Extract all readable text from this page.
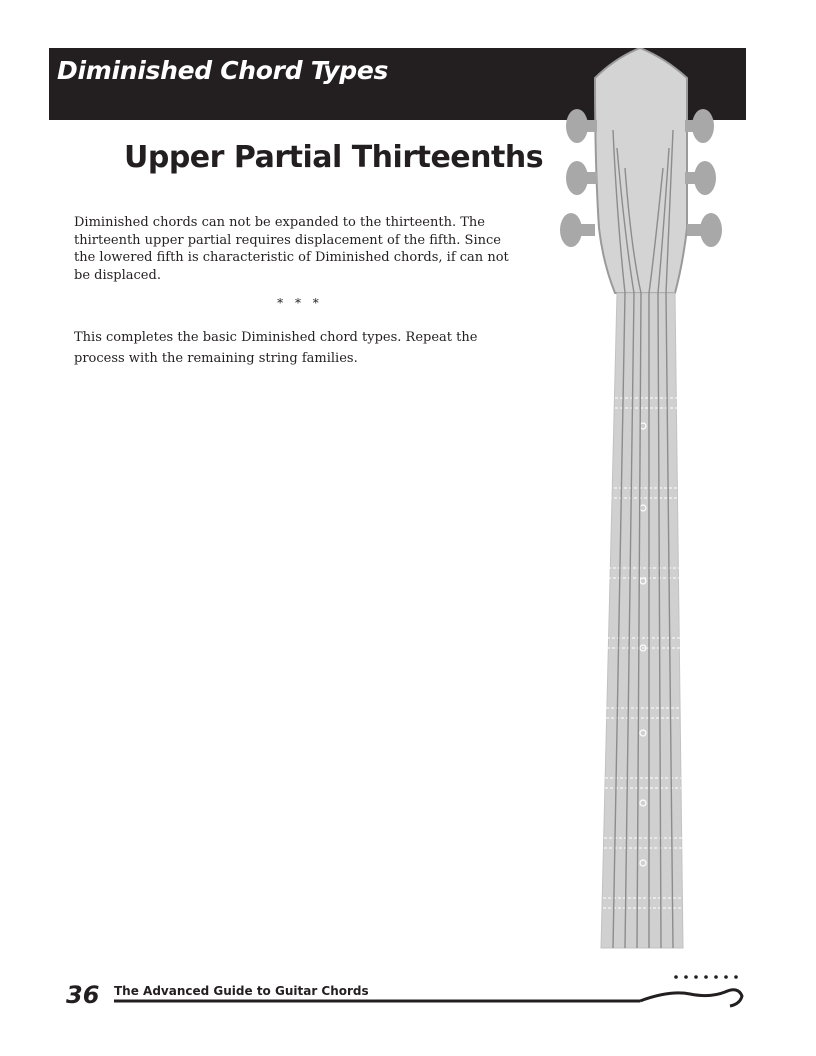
Diminished Chord Types
Upper Partial Thirteenths
Diminished chords can not be expanded to the thirteenth. The thirteenth upper partial requires displacement of the fifth. Since the lowered fifth is characteristic of Diminished chords, if can not be displaced.
* * *
This completes the basic Diminished chord types. Repeat the process with the remaining string families.
36 The Advanced Guide to Guitar Chords
